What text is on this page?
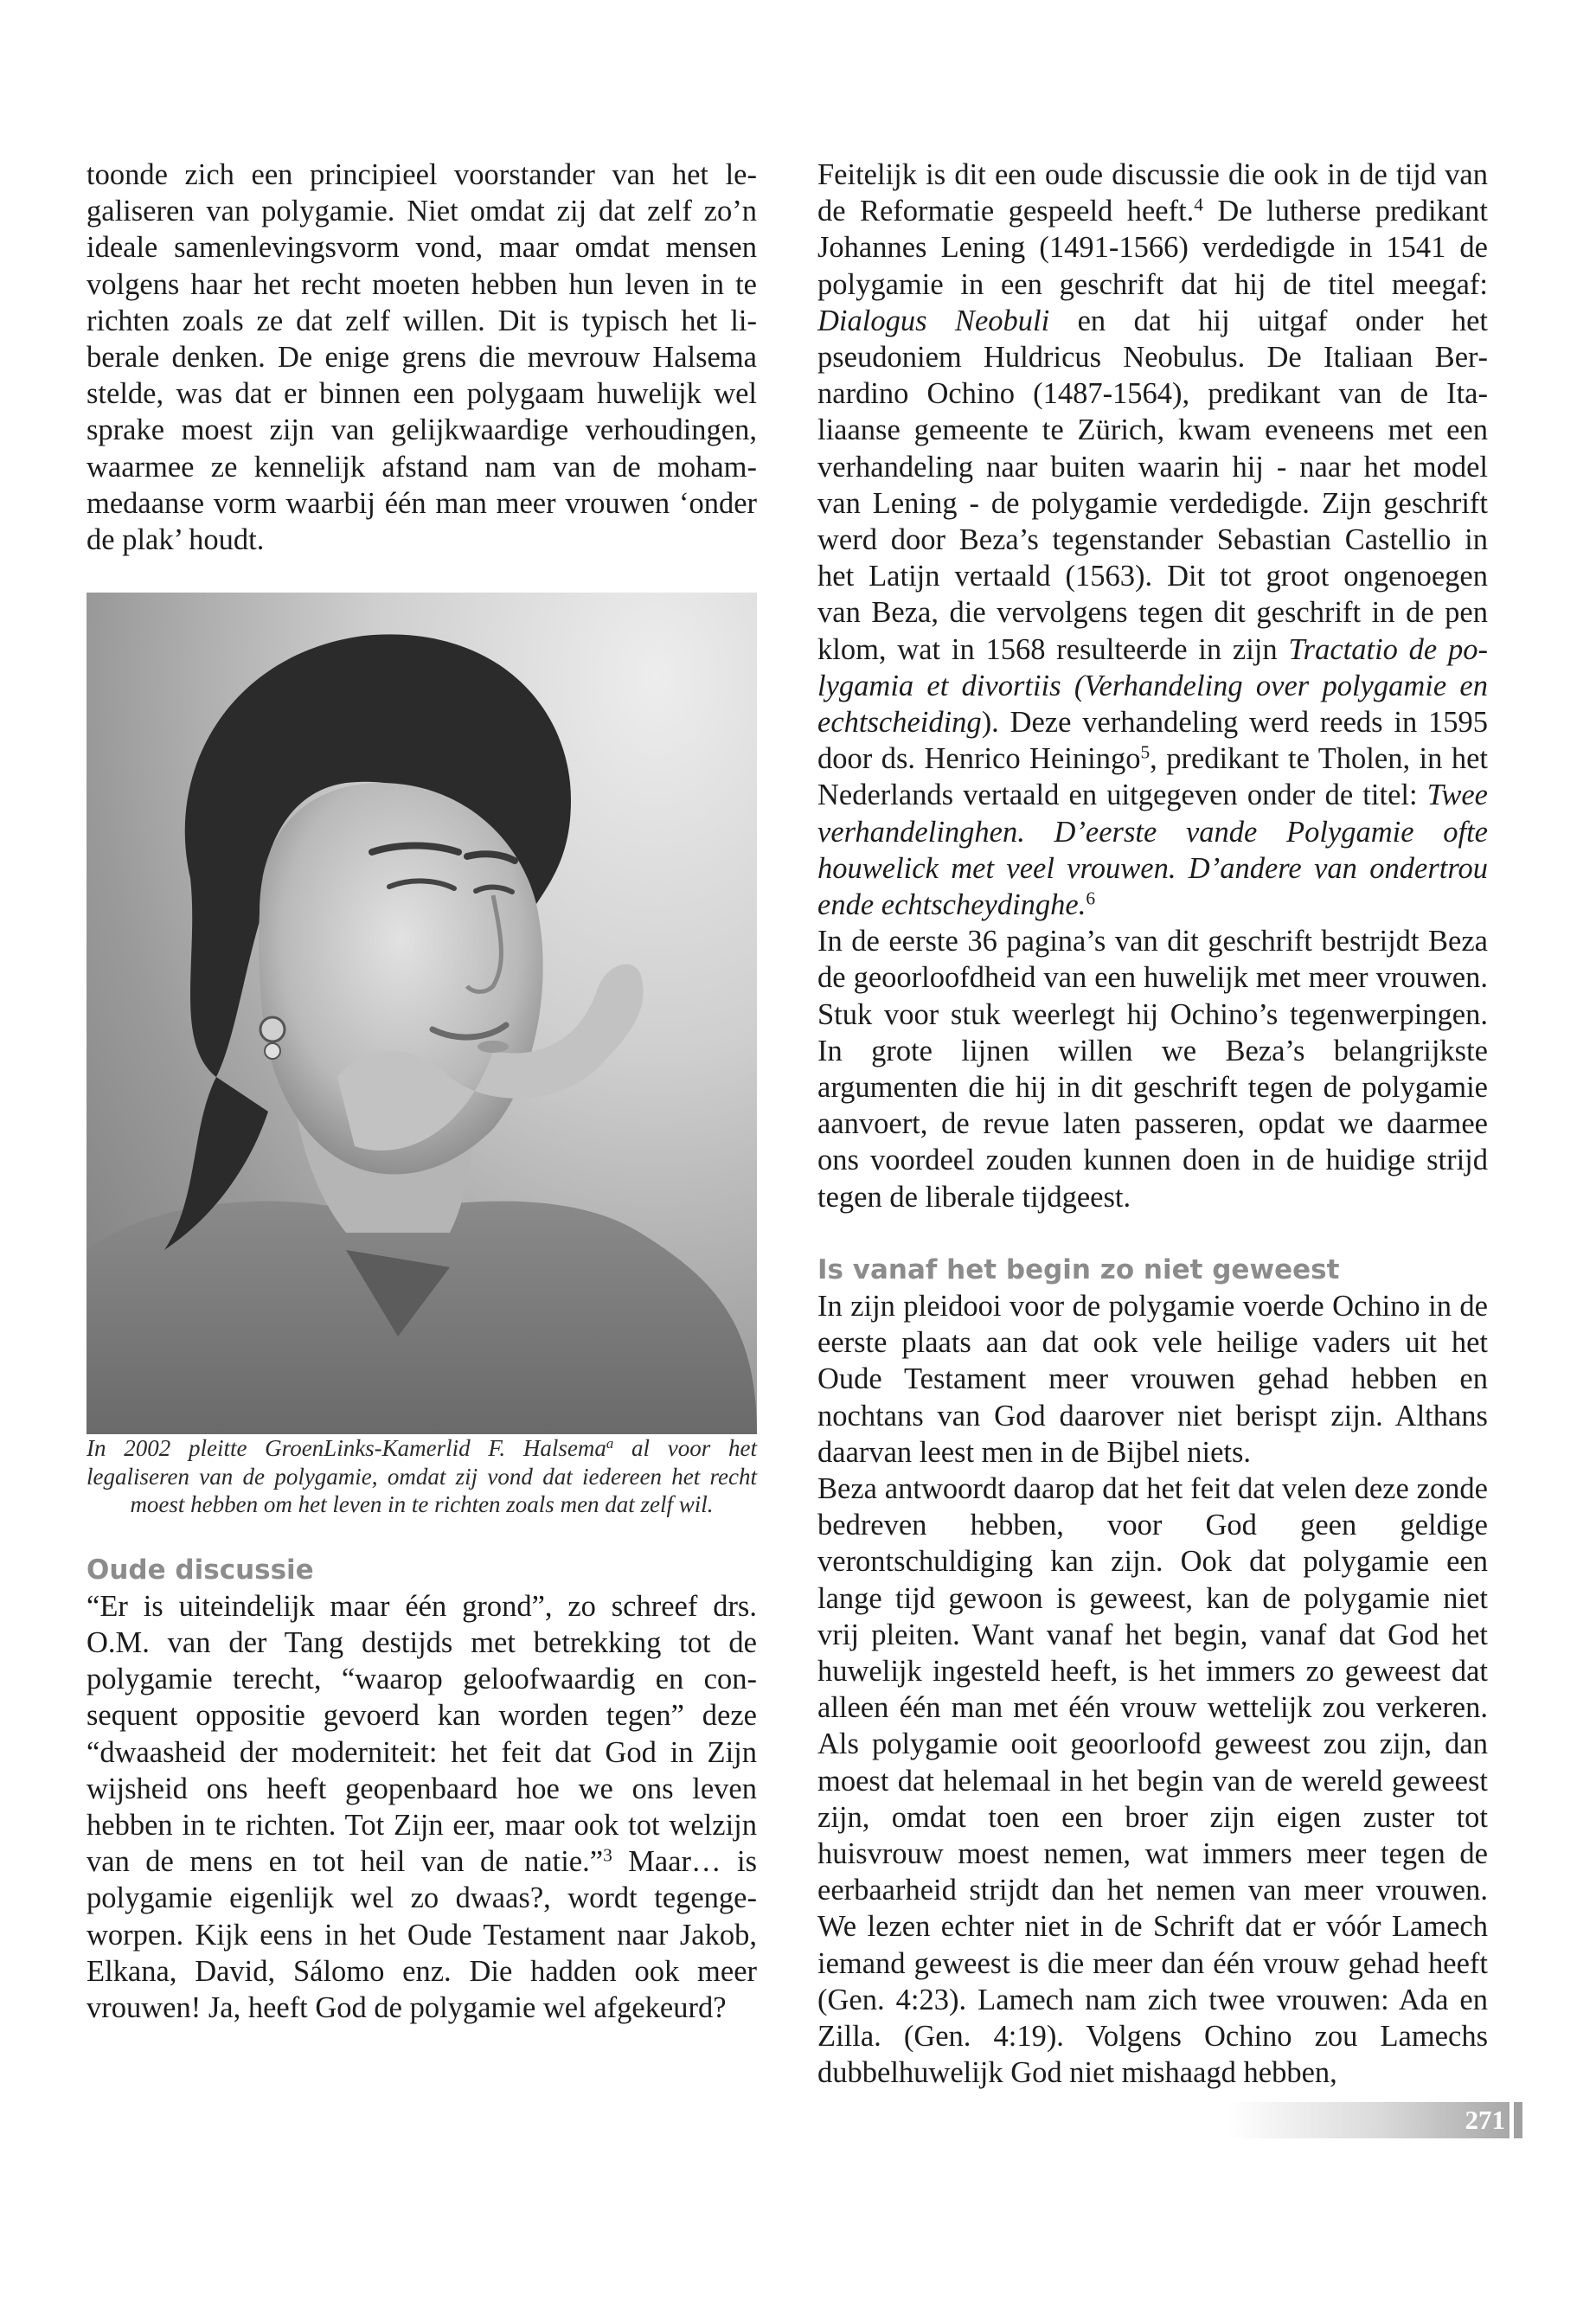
toonde zich een principieel voorstander van het legaliseren van polygamie. Niet omdat zij dat zelf zo’n ideale samenlevingsvorm vond, maar omdat mensen volgens haar het recht moeten hebben hun leven in te richten zoals ze dat zelf willen. Dit is typisch het liberale denken. De enige grens die mevrouw Halsema stelde, was dat er binnen een polygaam huwelijk wel sprake moest zijn van gelijkwaardige verhoudingen, waarmee ze kennelijk afstand nam van de mohammedaanse vorm waarbij één man meer vrouwen ‘onder de plak’ houdt.

In 2002 pleitte GroenLinks-Kamerlid F. Halsema$^a$ al voor het legaliseren van de polygamie, omdat zij vond dat iedereen het recht moest hebben om het leven in te richten zoals men dat zelf wil.

Oude discussie

“Er is uiteindelijk maar één grond”, zo schreef drs. O.M. van der Tang destijds met betrekking tot de polygamie terecht, “waarop geloofwaardig en consequent oppositie gevoerd kan worden tegen” deze “dwaasheid der moderniteit: het feit dat God in Zijn wijsheid ons heeft geopenbaard hoe we ons leven hebben in te richten. Tot Zijn eer, maar ook tot welzijn van de mens en tot heil van de natie.”$^3$ Maar… is polygamie eigenlijk wel zo dwaas?, wordt tegengeworpen. Kijk eens in het Oude Testament naar Jakob, Elkana, David, Sálomo enz. Die hadden ook meer vrouwen! Ja, heeft God de polygamie wel afgekeurd?

Feitelijk is dit een oude discussie die ook in de tijd van de Reformatie gespeeld heeft.$^4$ De lutherse predikant Johannes Lening (1491-1566) verdedigde in 1541 de polygamie in een geschrift dat hij de titel meegaf: Dialogus Neobuli en dat hij uitgaf onder het pseudoniem Huldricus Neobulus. De Italiaan Bernardino Ochino (1487-1564), predikant van de Italiaanse gemeente te Zürich, kwam eveneens met een verhandeling naar buiten waarin hij - naar het model van Lening - de polygamie verdedigde. Zijn geschrift werd door Beza’s tegenstander Sebastian Castellio in het Latijn vertaald (1563). Dit tot groot ongenoegen van Beza, die vervolgens tegen dit geschrift in de pen klom, wat in 1568 resulteerde in zijn Tractatio de polygamia et divortiis (Verhandeling over polygamie en echtscheiding). Deze verhandeling werd reeds in 1595 door ds. Henrico Heiningo$^5$, predikant te Tholen, in het Nederlands vertaald en uitgegeven onder de titel: Twee verhandelinghen. D’eerste vande Polygamie ofte houwelick met veel vrouwen. D’andere van ondertrou ende echtscheydinghe.$^6$

In de eerste 36 pagina’s van dit geschrift bestrijdt Beza de geoorloofdheid van een huwelijk met meer vrouwen. Stuk voor stuk weerlegt hij Ochino’s tegenwerpingen. In grote lijnen willen we Beza’s belangrijkste argumenten die hij in dit geschrift tegen de polygamie aanvoert, de revue laten passeren, opdat we daarmee ons voordeel zouden kunnen doen in de huidige strijd tegen de liberale tijdgeest.

Is vanaf het begin zo niet geweest

In zijn pleidooi voor de polygamie voerde Ochino in de eerste plaats aan dat ook vele heilige vaders uit het Oude Testament meer vrouwen gehad hebben en nochtans van God daarover niet berispt zijn. Althans daarvan leest men in de Bijbel niets.

Beza antwoordt daarop dat het feit dat velen deze zonde bedreven hebben, voor God geen geldige verontschuldiging kan zijn. Ook dat polygamie een lange tijd gewoon is geweest, kan de polygamie niet vrij pleiten. Want vanaf het begin, vanaf dat God het huwelijk ingesteld heeft, is het immers zo geweest dat alleen één man met één vrouw wettelijk zou verkeren. Als polygamie ooit geoorloofd geweest zou zijn, dan moest dat helemaal in het begin van de wereld geweest zijn, omdat toen een broer zijn eigen zuster tot huisvrouw moest nemen, wat immers meer tegen de eerbaarheid strijdt dan het nemen van meer vrouwen. We lezen echter niet in de Schrift dat er vóór Lamech iemand geweest is die meer dan één vrouw gehad heeft (Gen. 4:23). Lamech nam zich twee vrouwen: Ada en Zilla. (Gen. 4:19). Volgens Ochino zou Lamechs dubbelhuwelijk God niet mishaagd hebben,

271
